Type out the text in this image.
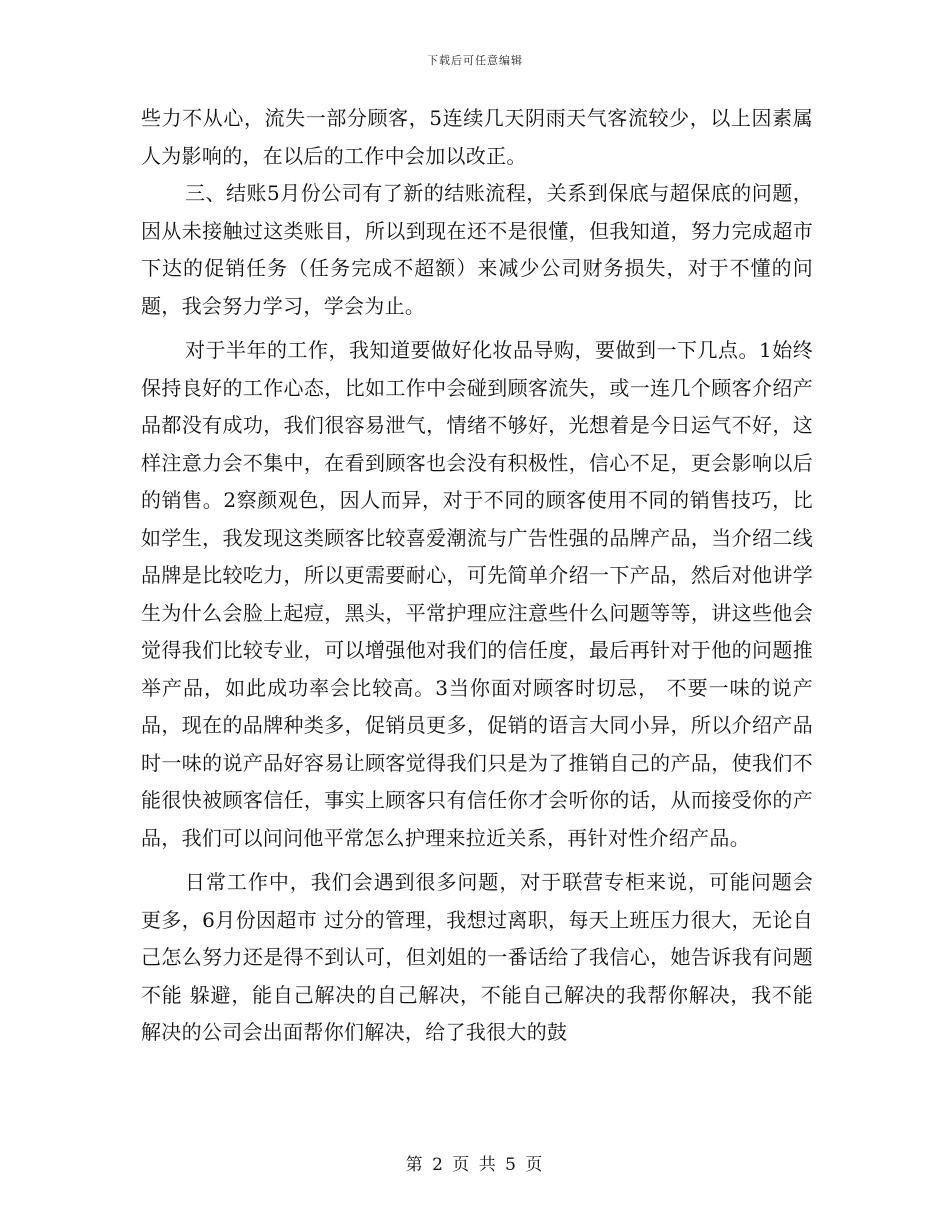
下载后可任意编辑

些力不从心，流失一部分顾客，5连续几天阴雨天气客流较少，以上因素属人为影响的，在以后的工作中会加以改正。

三、结账5月份公司有了新的结账流程，关系到保底与超保底的问题，因从未接触过这类账目，所以到现在还不是很懂，但我知道，努力完成超市下达的促销任务（任务完成不超额）来减少公司财务损失，对于不懂的问题，我会努力学习，学会为止。

对于半年的工作，我知道要做好化妆品导购，要做到一下几点。1始终保持良好的工作心态，比如工作中会碰到顾客流失，或一连几个顾客介绍产品都没有成功，我们很容易泄气，情绪不够好，光想着是今日运气不好，这样注意力会不集中，在看到顾客也会没有积极性，信心不足，更会影响以后的销售。2察颜观色，因人而异，对于不同的顾客使用不同的销售技巧，比如学生，我发现这类顾客比较喜爱潮流与广告性强的品牌产品，当介绍二线品牌是比较吃力，所以更需要耐心，可先简单介绍一下产品，然后对他讲学生为什么会脸上起痘，黑头，平常护理应注意些什么问题等等，讲这些他会觉得我们比较专业，可以增强他对我们的信任度，最后再针对于他的问题推举产品，如此成功率会比较高。3当你面对顾客时切忌， 不要一味的说产品，现在的品牌种类多，促销员更多，促销的语言大同小异，所以介绍产品时一味的说产品好容易让顾客觉得我们只是为了推销自己的产品，使我们不能很快被顾客信任，事实上顾客只有信任你才会听你的话，从而接受你的产品，我们可以问问他平常怎么护理来拉近关系，再针对性介绍产品。

日常工作中，我们会遇到很多问题，对于联营专柜来说，可能问题会更多，6月份因超市 过分的管理，我想过离职，每天上班压力很大，无论自己怎么努力还是得不到认可，但刘姐的一番话给了我信心，她告诉我有问题不能 躲避，能自己解决的自己解决，不能自己解决的我帮你解决，我不能解决的公司会出面帮你们解决，给了我很大的鼓

第 2 页 共 5 页
